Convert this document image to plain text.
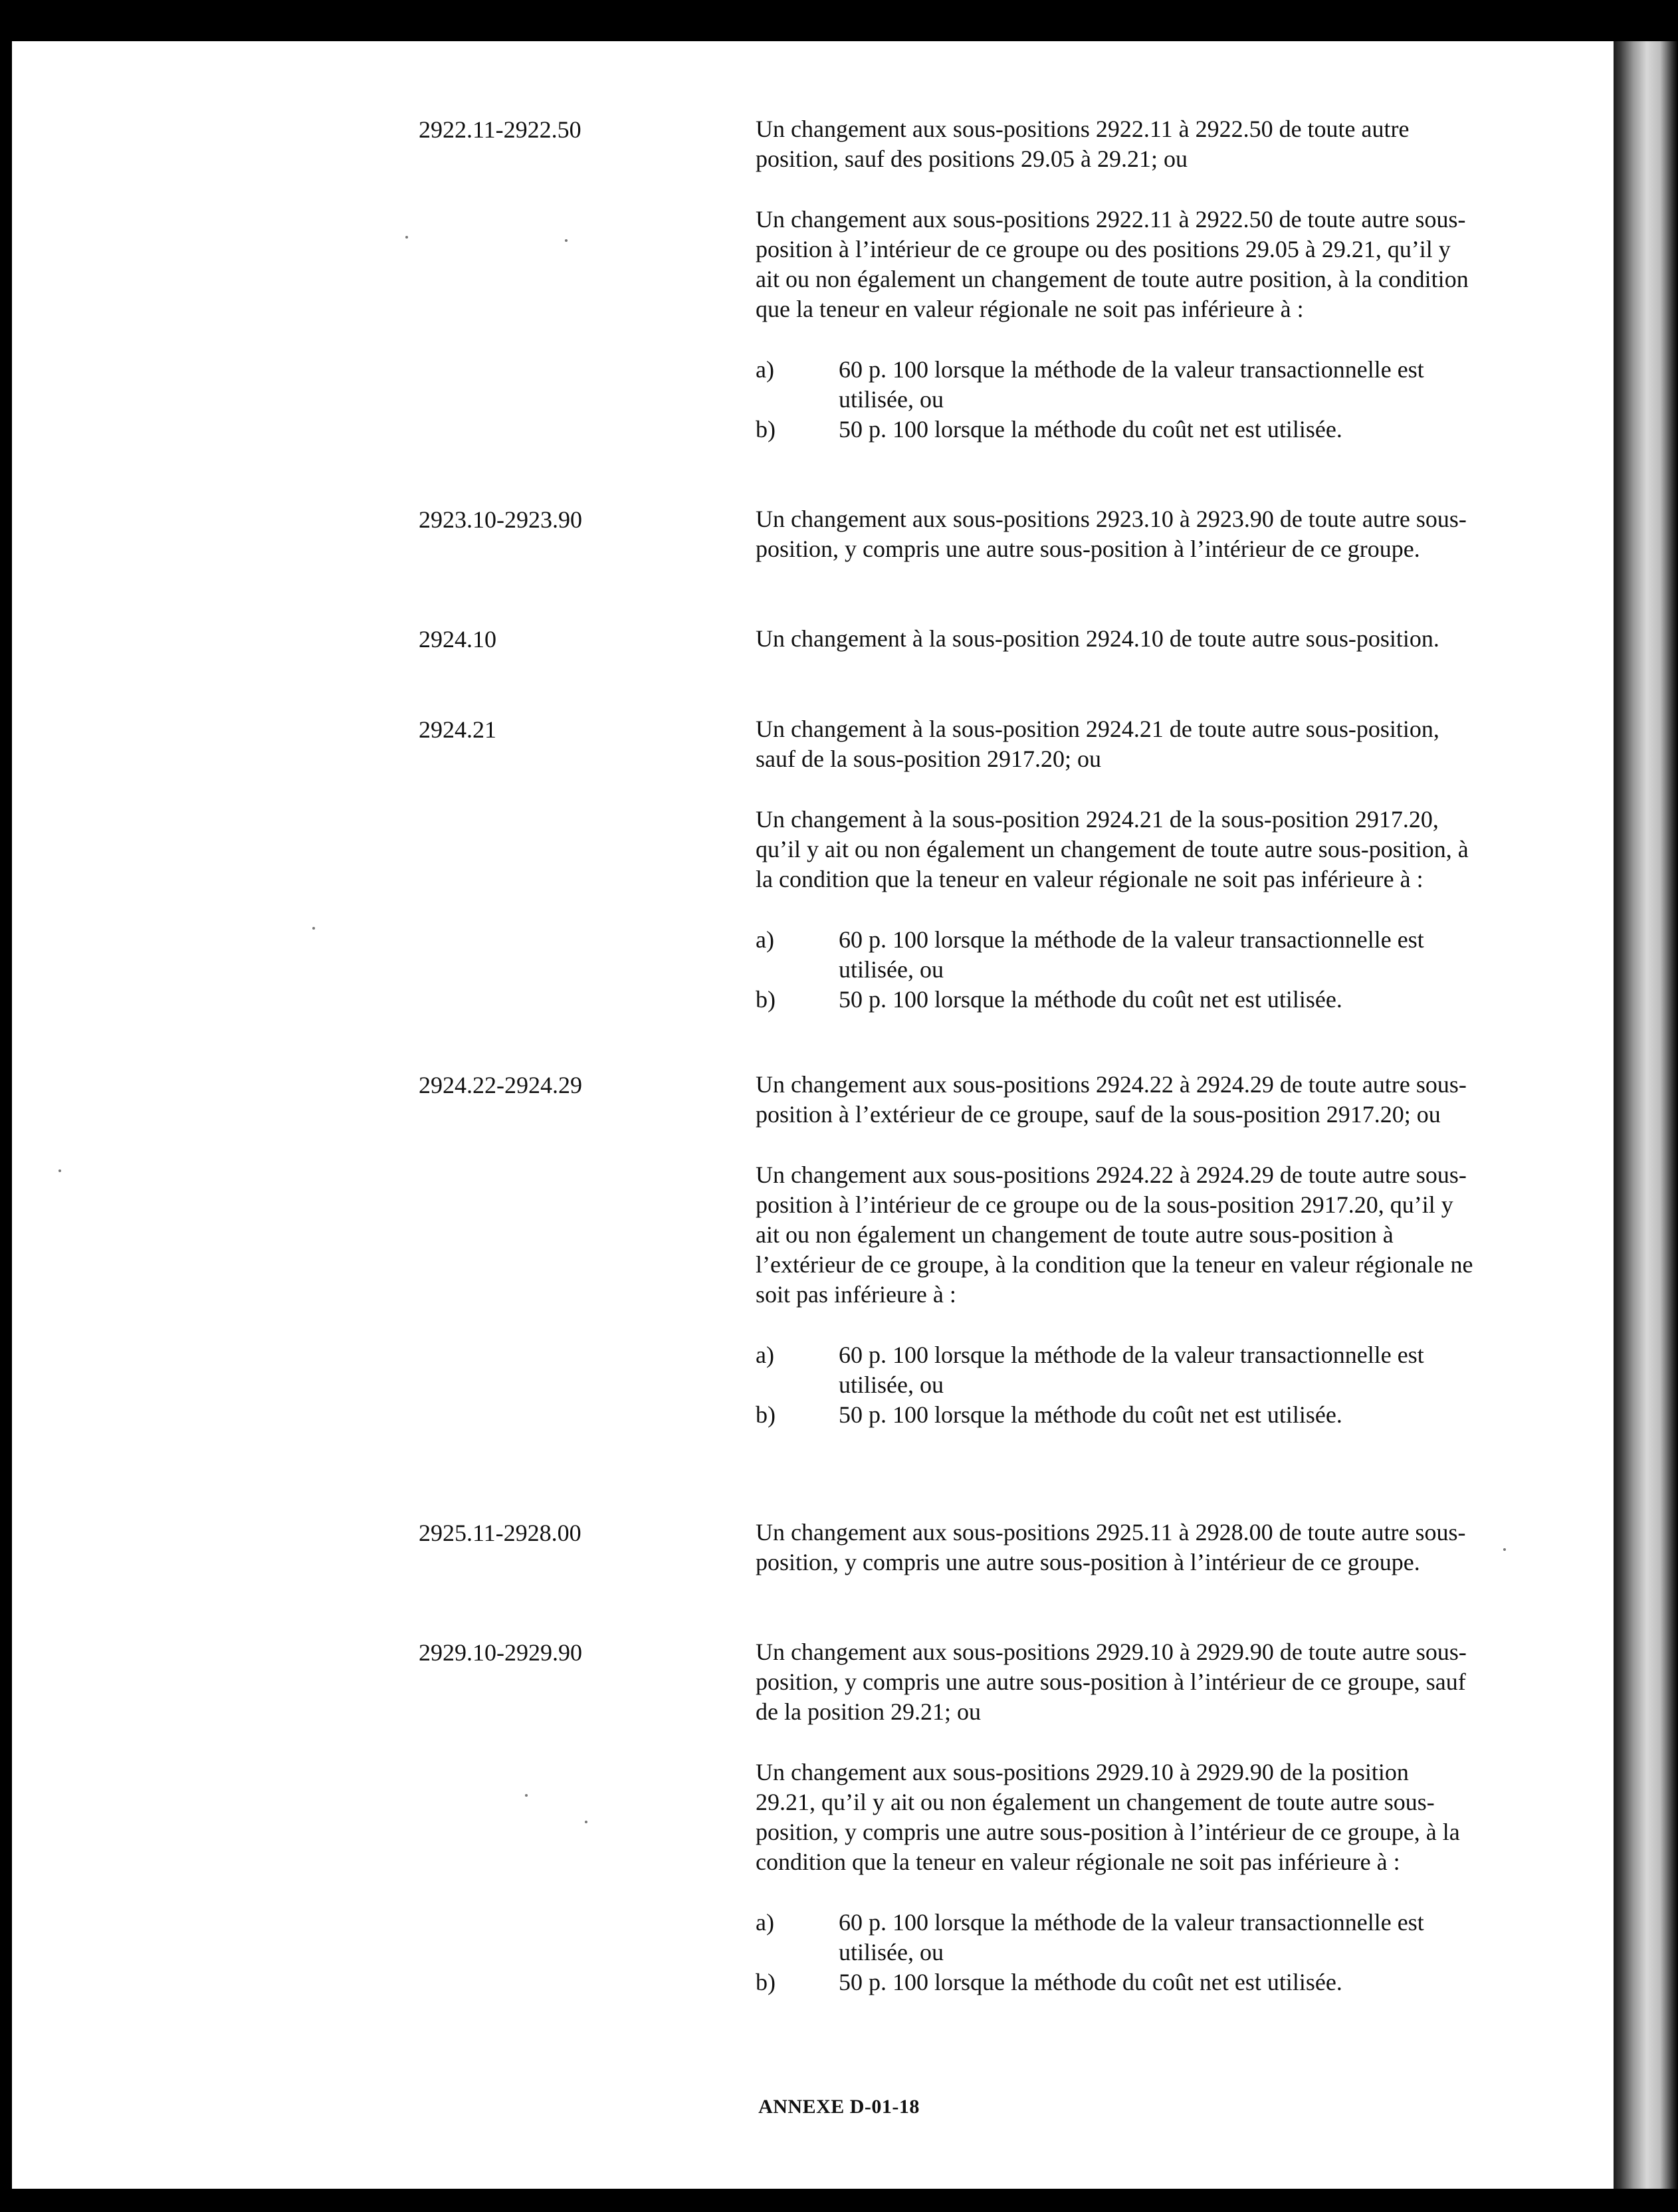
2922.11-2922.50	Un changement aux sous-positions 2922.11 à 2922.50 de toute autre position, sauf des positions 29.05 à 29.21; ou

Un changement aux sous-positions 2922.11 à 2922.50 de toute autre sous-position à l’intérieur de ce groupe ou des positions 29.05 à 29.21, qu’il y ait ou non également un changement de toute autre position, à la condition que la teneur en valeur régionale ne soit pas inférieure à :

a)	60 p. 100 lorsque la méthode de la valeur transactionnelle est utilisée, ou
b)	50 p. 100 lorsque la méthode du coût net est utilisée.
2923.10-2923.90	Un changement aux sous-positions 2923.10 à 2923.90 de toute autre sous-position, y compris une autre sous-position à l’intérieur de ce groupe.

2924.10	Un changement à la sous-position 2924.10 de toute autre sous-position.

2924.21	Un changement à la sous-position 2924.21 de toute autre sous-position, sauf de la sous-position 2917.20; ou

Un changement à la sous-position 2924.21 de la sous-position 2917.20, qu’il y ait ou non également un changement de toute autre sous-position, à la condition que la teneur en valeur régionale ne soit pas inférieure à :

a)	60 p. 100 lorsque la méthode de la valeur transactionnelle est utilisée, ou
b)	50 p. 100 lorsque la méthode du coût net est utilisée.
2924.22-2924.29	Un changement aux sous-positions 2924.22 à 2924.29 de toute autre sous-position à l’extérieur de ce groupe, sauf de la sous-position 2917.20; ou

Un changement aux sous-positions 2924.22 à 2924.29 de toute autre sous-position à l’intérieur de ce groupe ou de la sous-position 2917.20, qu’il y ait ou non également un changement de toute autre sous-position à l’extérieur de ce groupe, à la condition que la teneur en valeur régionale ne soit pas inférieure à :

a)	60 p. 100 lorsque la méthode de la valeur transactionnelle est utilisée, ou
b)	50 p. 100 lorsque la méthode du coût net est utilisée.
2925.11-2928.00	Un changement aux sous-positions 2925.11 à 2928.00 de toute autre sous-position, y compris une autre sous-position à l’intérieur de ce groupe.

2929.10-2929.90	Un changement aux sous-positions 2929.10 à 2929.90 de toute autre sous-position, y compris une autre sous-position à l’intérieur de ce groupe, sauf de la position 29.21; ou

Un changement aux sous-positions 2929.10 à 2929.90 de la position 29.21, qu’il y ait ou non également un changement de toute autre sous-position, y compris une autre sous-position à l’intérieur de ce groupe, à la condition que la teneur en valeur régionale ne soit pas inférieure à :

a)	60 p. 100 lorsque la méthode de la valeur transactionnelle est utilisée, ou
b)	50 p. 100 lorsque la méthode du coût net est utilisée.
ANNEXE D-01-18
